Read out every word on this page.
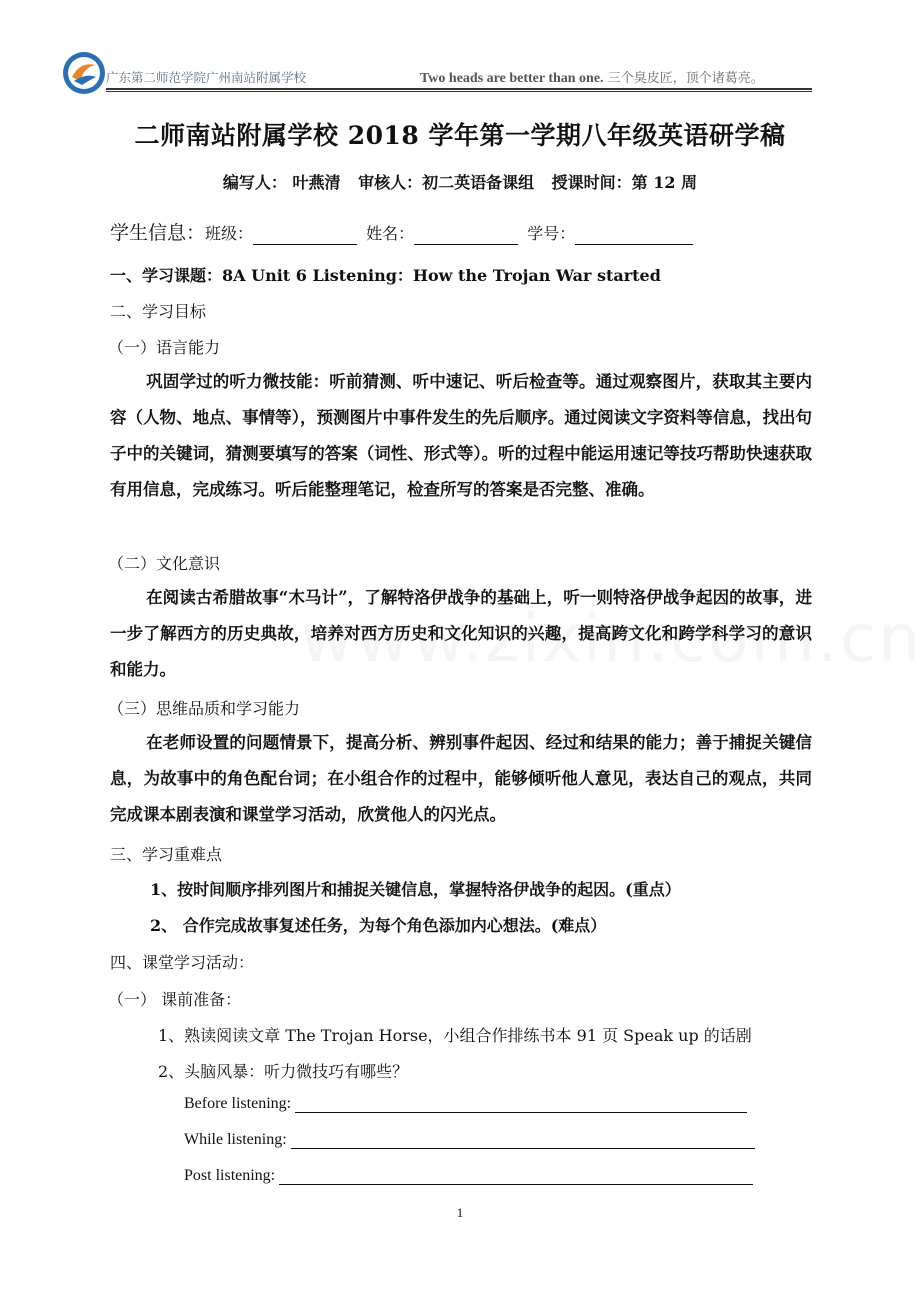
广东第二师范学院广州南站附属学校	Two heads are better than one. 三个臭皮匠，顶个诸葛亮。
二师南站附属学校 2018 学年第一学期八年级英语研学稿
编写人： 叶燕清 审核人：初二英语备课组 授课时间：第 12 周
学生信息：班级：	姓名：	学号：
一、学习课题：8A Unit 6 Listening：How the Trojan War started
二、学习目标
（一）语言能力
巩固学过的听力微技能：听前猜测、听中速记、听后检查等。通过观察图片，获取其主要内容（人物、地点、事情等），预测图片中事件发生的先后顺序。通过阅读文字资料等信息，找出句子中的关键词，猜测要填写的答案（词性、形式等）。听的过程中能运用速记等技巧帮助快速获取有用信息，完成练习。听后能整理笔记，检查所写的答案是否完整、准确。
（二）文化意识
在阅读古希腊故事“木马计”，了解特洛伊战争的基础上，听一则特洛伊战争起因的故事，进一步了解西方的历史典故，培养对西方历史和文化知识的兴趣，提高跨文化和跨学科学习的意识和能力。
（三）思维品质和学习能力
在老师设置的问题情景下，提高分析、辨别事件起因、经过和结果的能力；善于捕捉关键信息，为故事中的角色配台词；在小组合作的过程中，能够倾听他人意见，表达自己的观点，共同完成课本剧表演和课堂学习活动，欣赏他人的闪光点。
三、学习重难点
1、按时间顺序排列图片和捕捉关键信息，掌握特洛伊战争的起因。(重点）
2、 合作完成故事复述任务，为每个角色添加内心想法。(难点）
四、课堂学习活动：
（一） 课前准备：
1、熟读阅读文章 The Trojan Horse，小组合作排练书本 91 页 Speak up 的话剧
2、头脑风暴：听力微技巧有哪些？
Before listening:
While listening:
Post listening:
1
